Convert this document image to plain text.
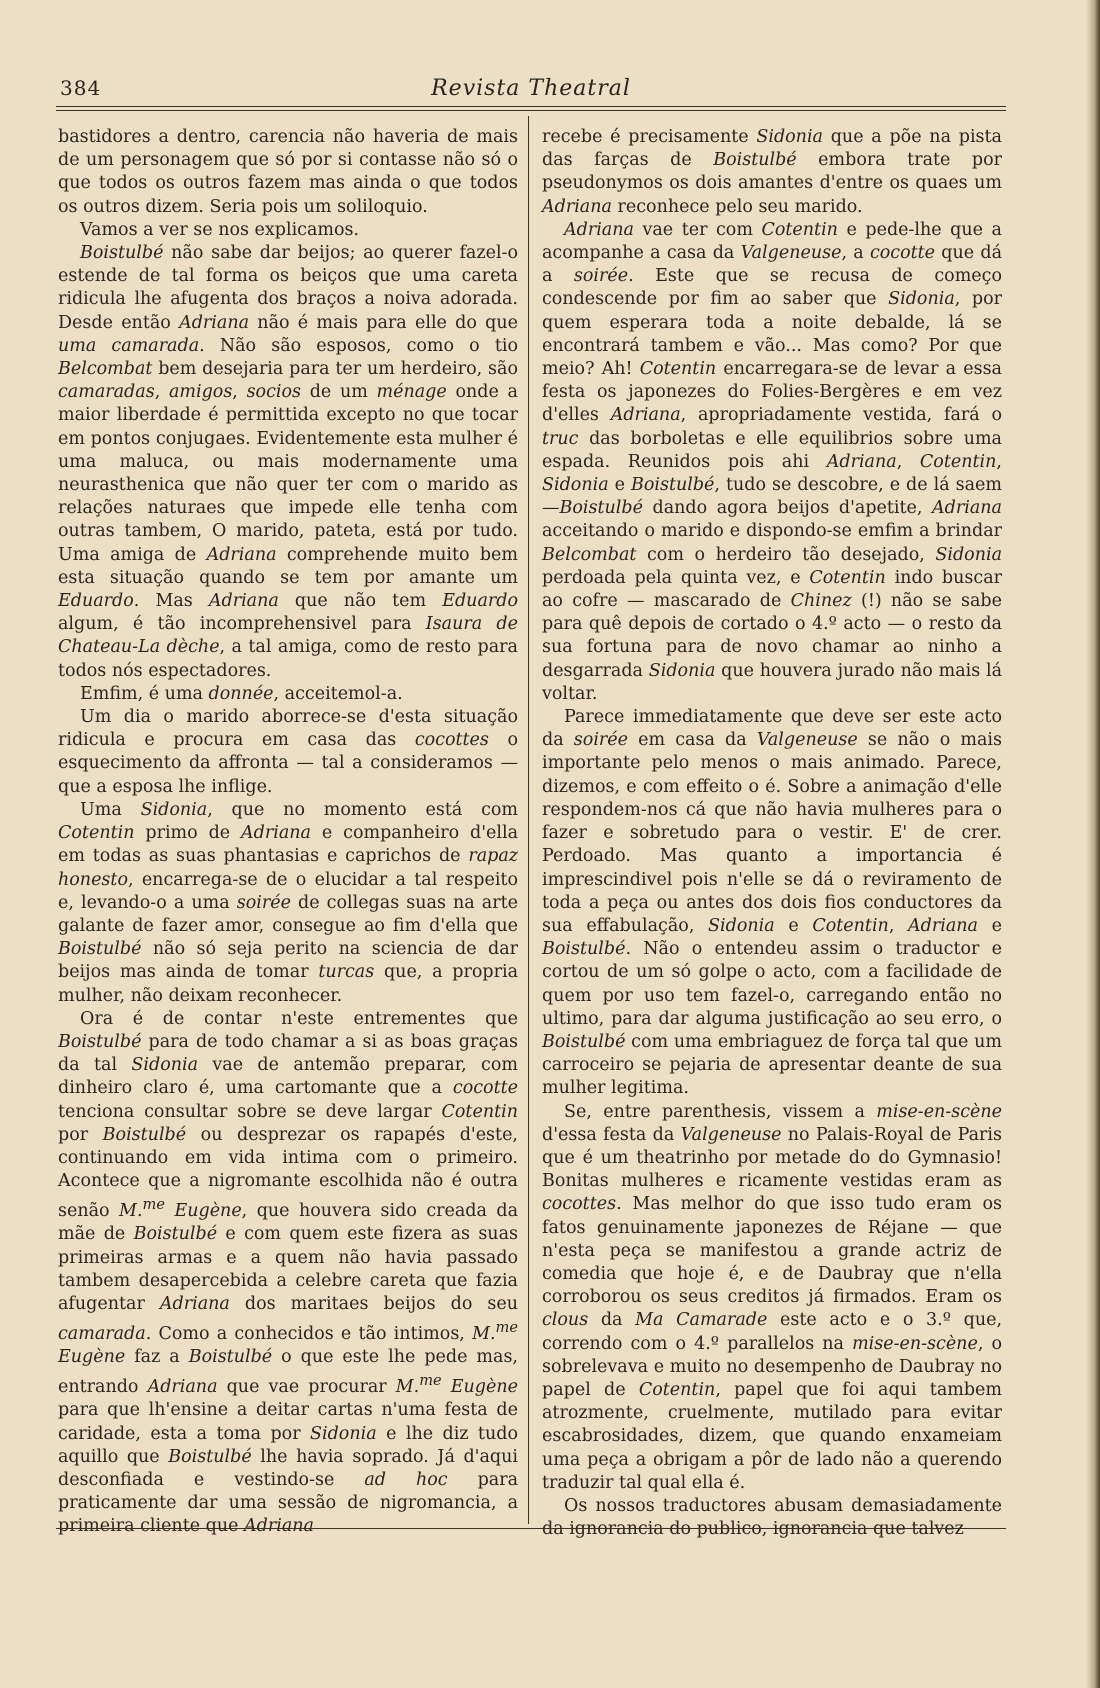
384	Revista Theatral

bastidores a dentro, carencia não haveria de mais de um personagem que só por si contasse não só o que todos os outros fazem mas ainda o que todos os outros dizem. Seria pois um soliloquio.

Vamos a ver se nos explicamos.

Boistulbé não sabe dar beijos; ao querer fazel-o estende de tal forma os beiços que uma careta ridicula lhe afugenta dos braços a noiva adorada. Desde então Adriana não é mais para elle do que uma camarada. Não são esposos, como o tio Belcombat bem desejaria para ter um herdeiro, são camaradas, amigos, socios de um ménage onde a maior liberdade é permittida excepto no que tocar em pontos conjugaes. Evidentemente esta mulher é uma maluca, ou mais modernamente uma neurasthenica que não quer ter com o marido as relações naturaes que impede elle tenha com outras tambem, O marido, pateta, está por tudo. Uma amiga de Adriana comprehende muito bem esta situação quando se tem por amante um Eduardo. Mas Adriana que não tem Eduardo algum, é tão incomprehensivel para Isaura de Chateau-La dèche, a tal amiga, como de resto para todos nós espectadores.

Emfim, é uma donnée, acceitemol-a.

Um dia o marido aborrece-se d'esta situação ridicula e procura em casa das cocottes o esquecimento da affronta — tal a consideramos — que a esposa lhe inflige.

Uma Sidonia, que no momento está com Cotentin primo de Adriana e companheiro d'ella em todas as suas phantasias e caprichos de rapaz honesto, encarrega-se de o elucidar a tal respeito e, levando-o a uma soirée de collegas suas na arte galante de fazer amor, consegue ao fim d'ella que Boistulbé não só seja perito na sciencia de dar beijos mas ainda de tomar turcas que, a propria mulher, não deixam reconhecer.

Ora é de contar n'este entrementes que Boistulbé para de todo chamar a si as boas graças da tal Sidonia vae de antemão preparar, com dinheiro claro é, uma cartomante que a cocotte tenciona consultar sobre se deve largar Cotentin por Boistulbé ou desprezar os rapapés d'este, continuando em vida intima com o primeiro. Acontece que a nigromante escolhida não é outra senão M.$^{me}$ Eugène, que houvera sido creada da mãe de Boistulbé e com quem este fizera as suas primeiras armas e a quem não havia passado tambem desapercebida a celebre careta que fazia afugentar Adriana dos maritaes beijos do seu camarada. Como a conhecidos e tão intimos, M.$^{me}$ Eugène faz a Boistulbé o que este lhe pede mas, entrando Adriana que vae procurar M.$^{me}$ Eugène para que lh'ensine a deitar cartas n'uma festa de caridade, esta a toma por Sidonia e lhe diz tudo aquillo que Boistulbé lhe havia soprado. Já d'aqui desconfiada e vestindo-se ad hoc para praticamente dar uma sessão de nigromancia, a primeira cliente que Adriana

recebe é precisamente Sidonia que a põe na pista das farças de Boistulbé embora trate por pseudonymos os dois amantes d'entre os quaes um Adriana reconhece pelo seu marido.

Adriana vae ter com Cotentin e pede-lhe que a acompanhe a casa da Valgeneuse, a cocotte que dá a soirée. Este que se recusa de começo condescende por fim ao saber que Sidonia, por quem esperara toda a noite debalde, lá se encontrará tambem e vão... Mas como? Por que meio? Ah! Cotentin encarregara-se de levar a essa festa os japonezes do Folies-Bergères e em vez d'elles Adriana, apropriadamente vestida, fará o truc das borboletas e elle equilibrios sobre uma espada. Reunidos pois ahi Adriana, Cotentin, Sidonia e Boistulbé, tudo se descobre, e de lá saem—Boistulbé dando agora beijos d'apetite, Adriana acceitando o marido e dispondo-se emfim a brindar Belcombat com o herdeiro tão desejado, Sidonia perdoada pela quinta vez, e Cotentin indo buscar ao cofre — mascarado de Chinez (!) não se sabe para quê depois de cortado o 4.º acto — o resto da sua fortuna para de novo chamar ao ninho a desgarrada Sidonia que houvera jurado não mais lá voltar.

Parece immediatamente que deve ser este acto da soirée em casa da Valgeneuse se não o mais importante pelo menos o mais animado. Parece, dizemos, e com effeito o é. Sobre a animação d'elle respondem-nos cá que não havia mulheres para o fazer e sobretudo para o vestir. E' de crer. Perdoado. Mas quanto a importancia é imprescindivel pois n'elle se dá o reviramento de toda a peça ou antes dos dois fios conductores da sua effabulação, Sidonia e Cotentin, Adriana e Boistulbé. Não o entendeu assim o traductor e cortou de um só golpe o acto, com a facilidade de quem por uso tem fazel-o, carregando então no ultimo, para dar alguma justificação ao seu erro, o Boistulbé com uma embriaguez de força tal que um carroceiro se pejaria de apresentar deante de sua mulher legitima.

Se, entre parenthesis, vissem a mise-en-scène d'essa festa da Valgeneuse no Palais-Royal de Paris que é um theatrinho por metade do do Gymnasio! Bonitas mulheres e ricamente vestidas eram as cocottes. Mas melhor do que isso tudo eram os fatos genuinamente japonezes de Réjane — que n'esta peça se manifestou a grande actriz de comedia que hoje é, e de Daubray que n'ella corroborou os seus creditos já firmados. Eram os clous da Ma Camarade este acto e o 3.º que, correndo com o 4.º parallelos na mise-en-scène, o sobrelevava e muito no desempenho de Daubray no papel de Cotentin, papel que foi aqui tambem atrozmente, cruelmente, mutilado para evitar escabrosidades, dizem, que quando enxameiam uma peça a obrigam a pôr de lado não a querendo traduzir tal qual ella é.

Os nossos traductores abusam demasiadamente da ignorancia do publico, ignorancia que talvez
